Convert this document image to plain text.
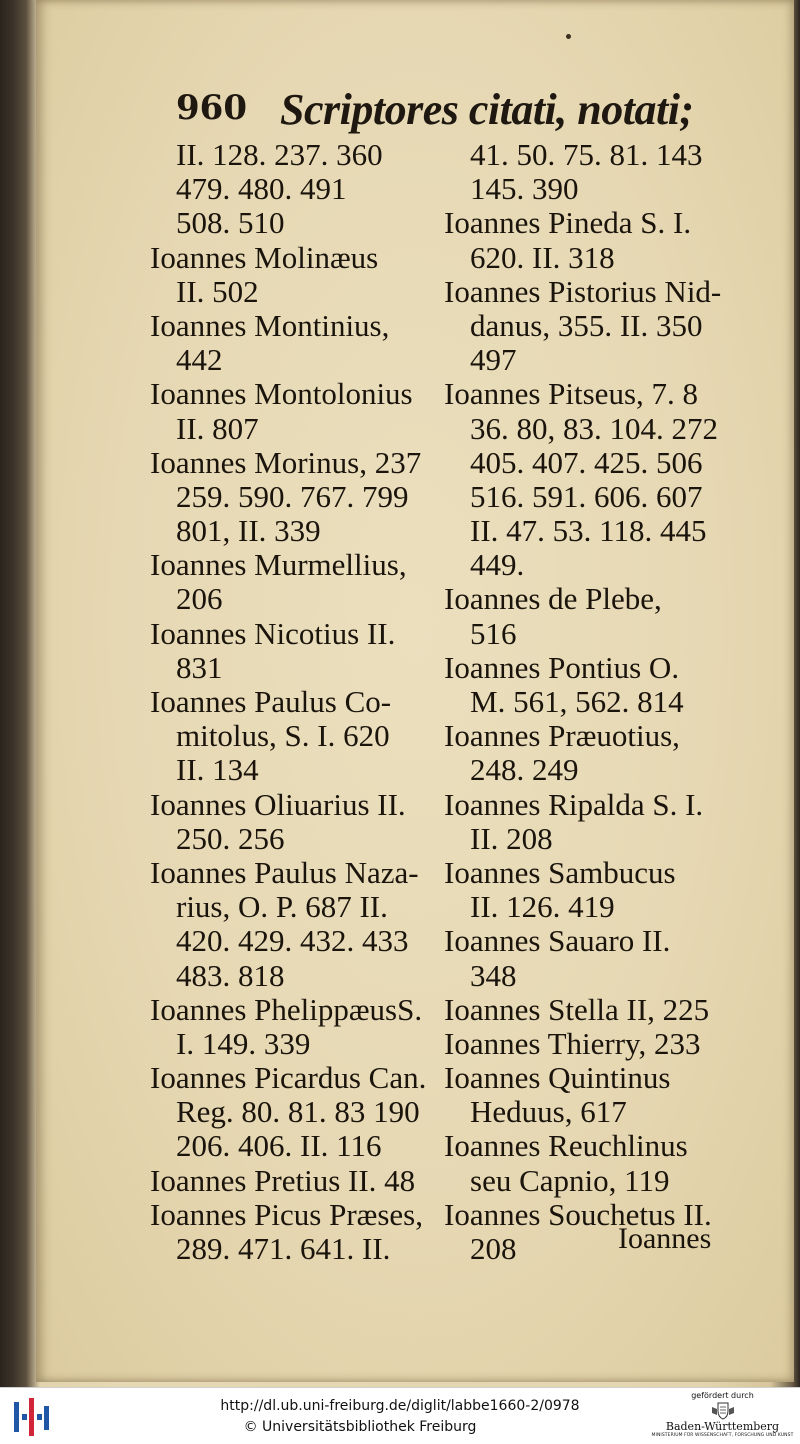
960 Scriptores citati, notati;
II. 128. 237. 360
479. 480. 491
508. 510
Ioannes Molinæus
II. 502
Ioannes Montinius,
442
Ioannes Montolonius
II. 807
Ioannes Morinus, 237
259. 590. 767. 799
801, II. 339
Ioannes Murmellius,
206
Ioannes Nicotius II.
831
Ioannes Paulus Co-
mitolus, S. I. 620
II. 134
Ioannes Oliuarius II.
250. 256
Ioannes Paulus Naza-
rius, O. P. 687 II.
420. 429. 432. 433
483. 818
Ioannes PhelippæusS.
I. 149. 339
Ioannes Picardus Can.
Reg. 80. 81. 83 190
206. 406. II. 116
Ioannes Pretius II. 48
Ioannes Picus Præses,
289. 471. 641. II.
41. 50. 75. 81. 143
145. 390
Ioannes Pineda S. I.
620. II. 318
Ioannes Pistorius Nid-
danus, 355. II. 350
497
Ioannes Pitseus, 7. 8
36. 80, 83. 104. 272
405. 407. 425. 506
516. 591. 606. 607
II. 47. 53. 118. 445
449.
Ioannes de Plebe,
516
Ioannes Pontius O.
M. 561, 562. 814
Ioannes Præuotius,
248. 249
Ioannes Ripalda S. I.
II. 208
Ioannes Sambucus
II. 126. 419
Ioannes Sauaro II.
348
Ioannes Stella II, 225
Ioannes Thierry, 233
Ioannes Quintinus
Heduus, 617
Ioannes Reuchlinus
seu Capnio, 119
Ioannes Souchetus II.
208	Ioannes
http://dl.ub.uni-freiburg.de/diglit/labbe1660-2/0978
© Universitätsbibliothek Freiburg
gefördert durch
Baden-Württemberg
MINISTERIUM FÜR WISSENSCHAFT, FORSCHUNG UND KUNST
